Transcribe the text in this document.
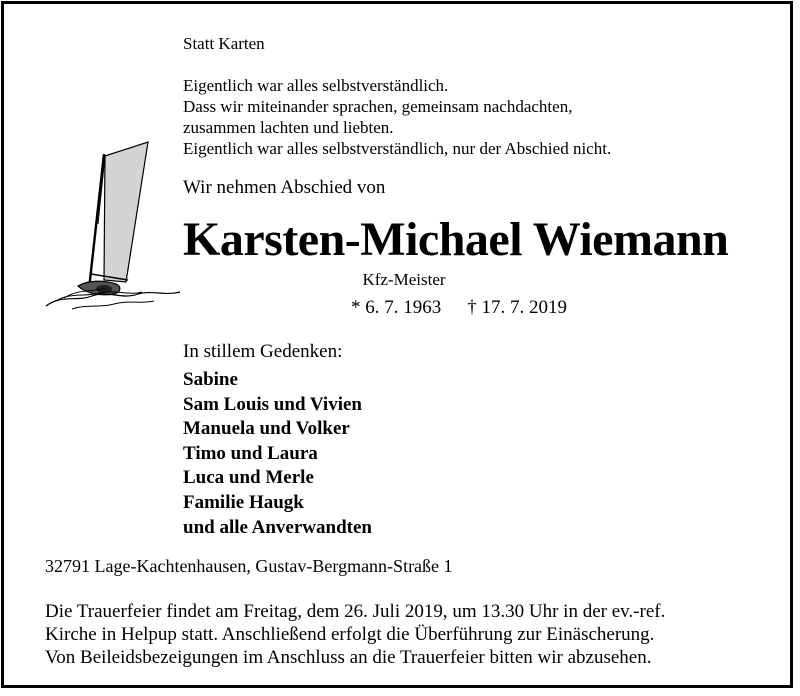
Statt Karten
Eigentlich war alles selbstverständlich.
Dass wir miteinander sprachen, gemeinsam nachdachten,
zusammen lachten und liebten.
Eigentlich war alles selbstverständlich, nur der Abschied nicht.
Wir nehmen Abschied von
Karsten-Michael Wiemann
Kfz-Meister
* 6. 7. 1963 † 17. 7. 2019
In stillem Gedenken:
Sabine
Sam Louis und Vivien
Manuela und Volker
Timo und Laura
Luca und Merle
Familie Haugk
und alle Anverwandten
32791 Lage-Kachtenhausen, Gustav-Bergmann-Straße 1
Die Trauerfeier findet am Freitag, dem 26. Juli 2019, um 13.30 Uhr in der ev.-ref.
Kirche in Helpup statt. Anschließend erfolgt die Überführung zur Einäscherung.
Von Beileidsbezeigungen im Anschluss an die Trauerfeier bitten wir abzusehen.
